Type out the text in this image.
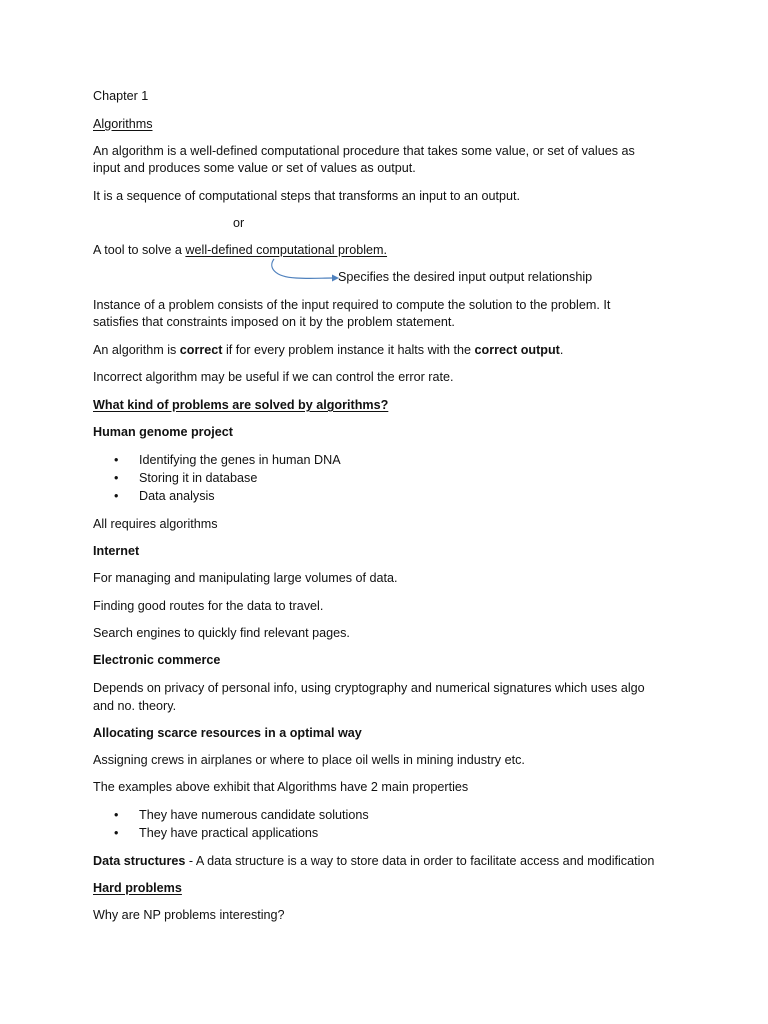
Chapter 1

Algorithms

An algorithm is a well-defined computational procedure that takes some value, or set of values as

input and produces some value or set of values as output.

It is a sequence of computational steps that transforms an input to an output.

or

A tool to solve a well-defined computational problem.

Specifies the desired input output relationship

Instance of a problem consists of the input required to compute the solution to the problem. It

satisfies that constraints imposed on it by the problem statement.

An algorithm is correct if for every problem instance it halts with the correct output.

Incorrect algorithm may be useful if we can control the error rate.

What kind of problems are solved by algorithms?

Human genome project

• Identifying the genes in human DNA
• Storing it in database
• Data analysis

All requires algorithms

Internet

For managing and manipulating large volumes of data.

Finding good routes for the data to travel.

Search engines to quickly find relevant pages.

Electronic commerce

Depends on privacy of personal info, using cryptography and numerical signatures which uses algo

and no. theory.

Allocating scarce resources in a optimal way

Assigning crews in airplanes or where to place oil wells in mining industry etc.

The examples above exhibit that Algorithms have 2 main properties

• They have numerous candidate solutions
• They have practical applications

Data structures - A data structure is a way to store data in order to facilitate access and modification

Hard problems

Why are NP problems interesting?
